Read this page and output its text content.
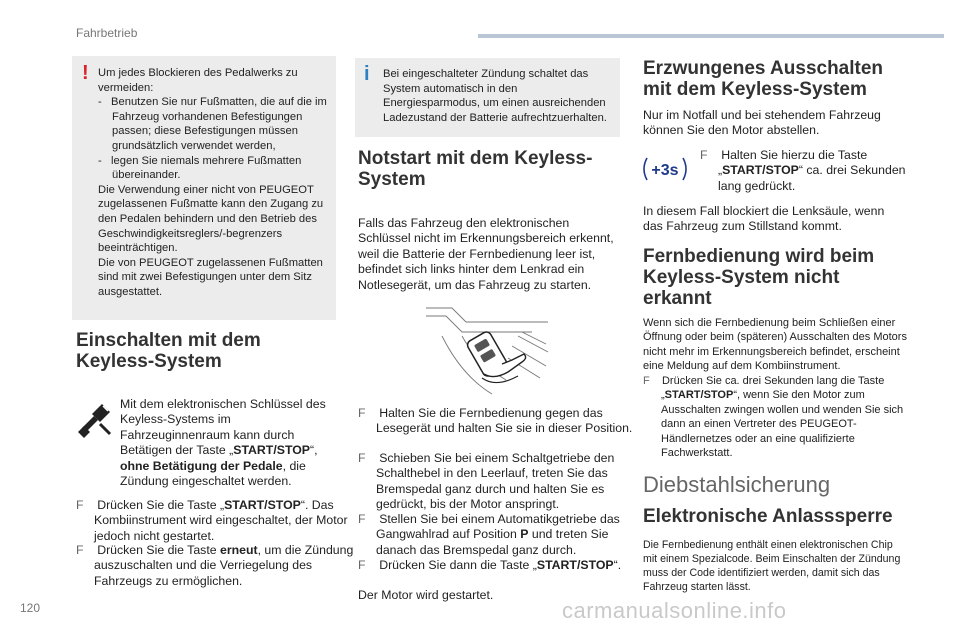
Fahrbetrieb
! Um jedes Blockieren des Pedalwerks zu vermeiden:
-   Benutzen Sie nur Fußmatten, die auf die im Fahrzeug vorhandenen Befestigungen passen; diese Befestigungen müssen grundsätzlich verwendet werden,
-   legen Sie niemals mehrere Fußmatten übereinander.
Die Verwendung einer nicht von PEUGEOT zugelassenen Fußmatte kann den Zugang zu den Pedalen behindern und den Betrieb des Geschwindigkeitsreglers/-begrenzers beeinträchtigen.
Die von PEUGEOT zugelassenen Fußmatten sind mit zwei Befestigungen unter dem Sitz ausgestattet.
Einschalten mit dem Keyless-System
Mit dem elektronischen Schlüssel des Keyless-Systems im Fahrzeuginnenraum kann durch Betätigen der Taste „START/STOP“, ohne Betätigung der Pedale, die Zündung eingeschaltet werden.
F Drücken Sie die Taste „START/STOP“. Das Kombiinstrument wird eingeschaltet, der Motor jedoch nicht gestartet.
F Drücken Sie die Taste erneut, um die Zündung auszuschalten und die Verriegelung des Fahrzeugs zu ermöglichen.
i Bei eingeschalteter Zündung schaltet das System automatisch in den Energiesparmodus, um einen ausreichenden Ladezustand der Batterie aufrechtzuerhalten.
Notstart mit dem Keyless-System
Falls das Fahrzeug den elektronischen Schlüssel nicht im Erkennungsbereich erkennt, weil die Batterie der Fernbedienung leer ist, befindet sich links hinter dem Lenkrad ein Notlesegerät, um das Fahrzeug zu starten.
F Halten Sie die Fernbedienung gegen das Lesegerät und halten Sie sie in dieser Position.
F Schieben Sie bei einem Schaltgetriebe den Schalthebel in den Leerlauf, treten Sie das Bremspedal ganz durch und halten Sie es gedrückt, bis der Motor anspringt.
F Stellen Sie bei einem Automatikgetriebe das Gangwahlrad auf Position P und treten Sie danach das Bremspedal ganz durch.
F Drücken Sie dann die Taste „START/STOP“.
Der Motor wird gestartet.
Erzwungenes Ausschalten mit dem Keyless-System
Nur im Notfall und bei stehendem Fahrzeug können Sie den Motor abstellen.
+3s
F Halten Sie hierzu die Taste „START/STOP“ ca. drei Sekunden lang gedrückt.
In diesem Fall blockiert die Lenksäule, wenn das Fahrzeug zum Stillstand kommt.
Fernbedienung wird beim Keyless-System nicht erkannt
Wenn sich die Fernbedienung beim Schließen einer Öffnung oder beim (späteren) Ausschalten des Motors nicht mehr im Erkennungsbereich befindet, erscheint eine Meldung auf dem Kombiinstrument.
F Drücken Sie ca. drei Sekunden lang die Taste „START/STOP“, wenn Sie den Motor zum Ausschalten zwingen wollen und wenden Sie sich dann an einen Vertreter des PEUGEOT-Händlernetzes oder an eine qualifizierte Fachwerkstatt.
Diebstahlsicherung
Elektronische Anlasssperre
Die Fernbedienung enthält einen elektronischen Chip mit einem Spezialcode. Beim Einschalten der Zündung muss der Code identifiziert werden, damit sich das Fahrzeug starten lässt.
120	carmanualsonline.info
